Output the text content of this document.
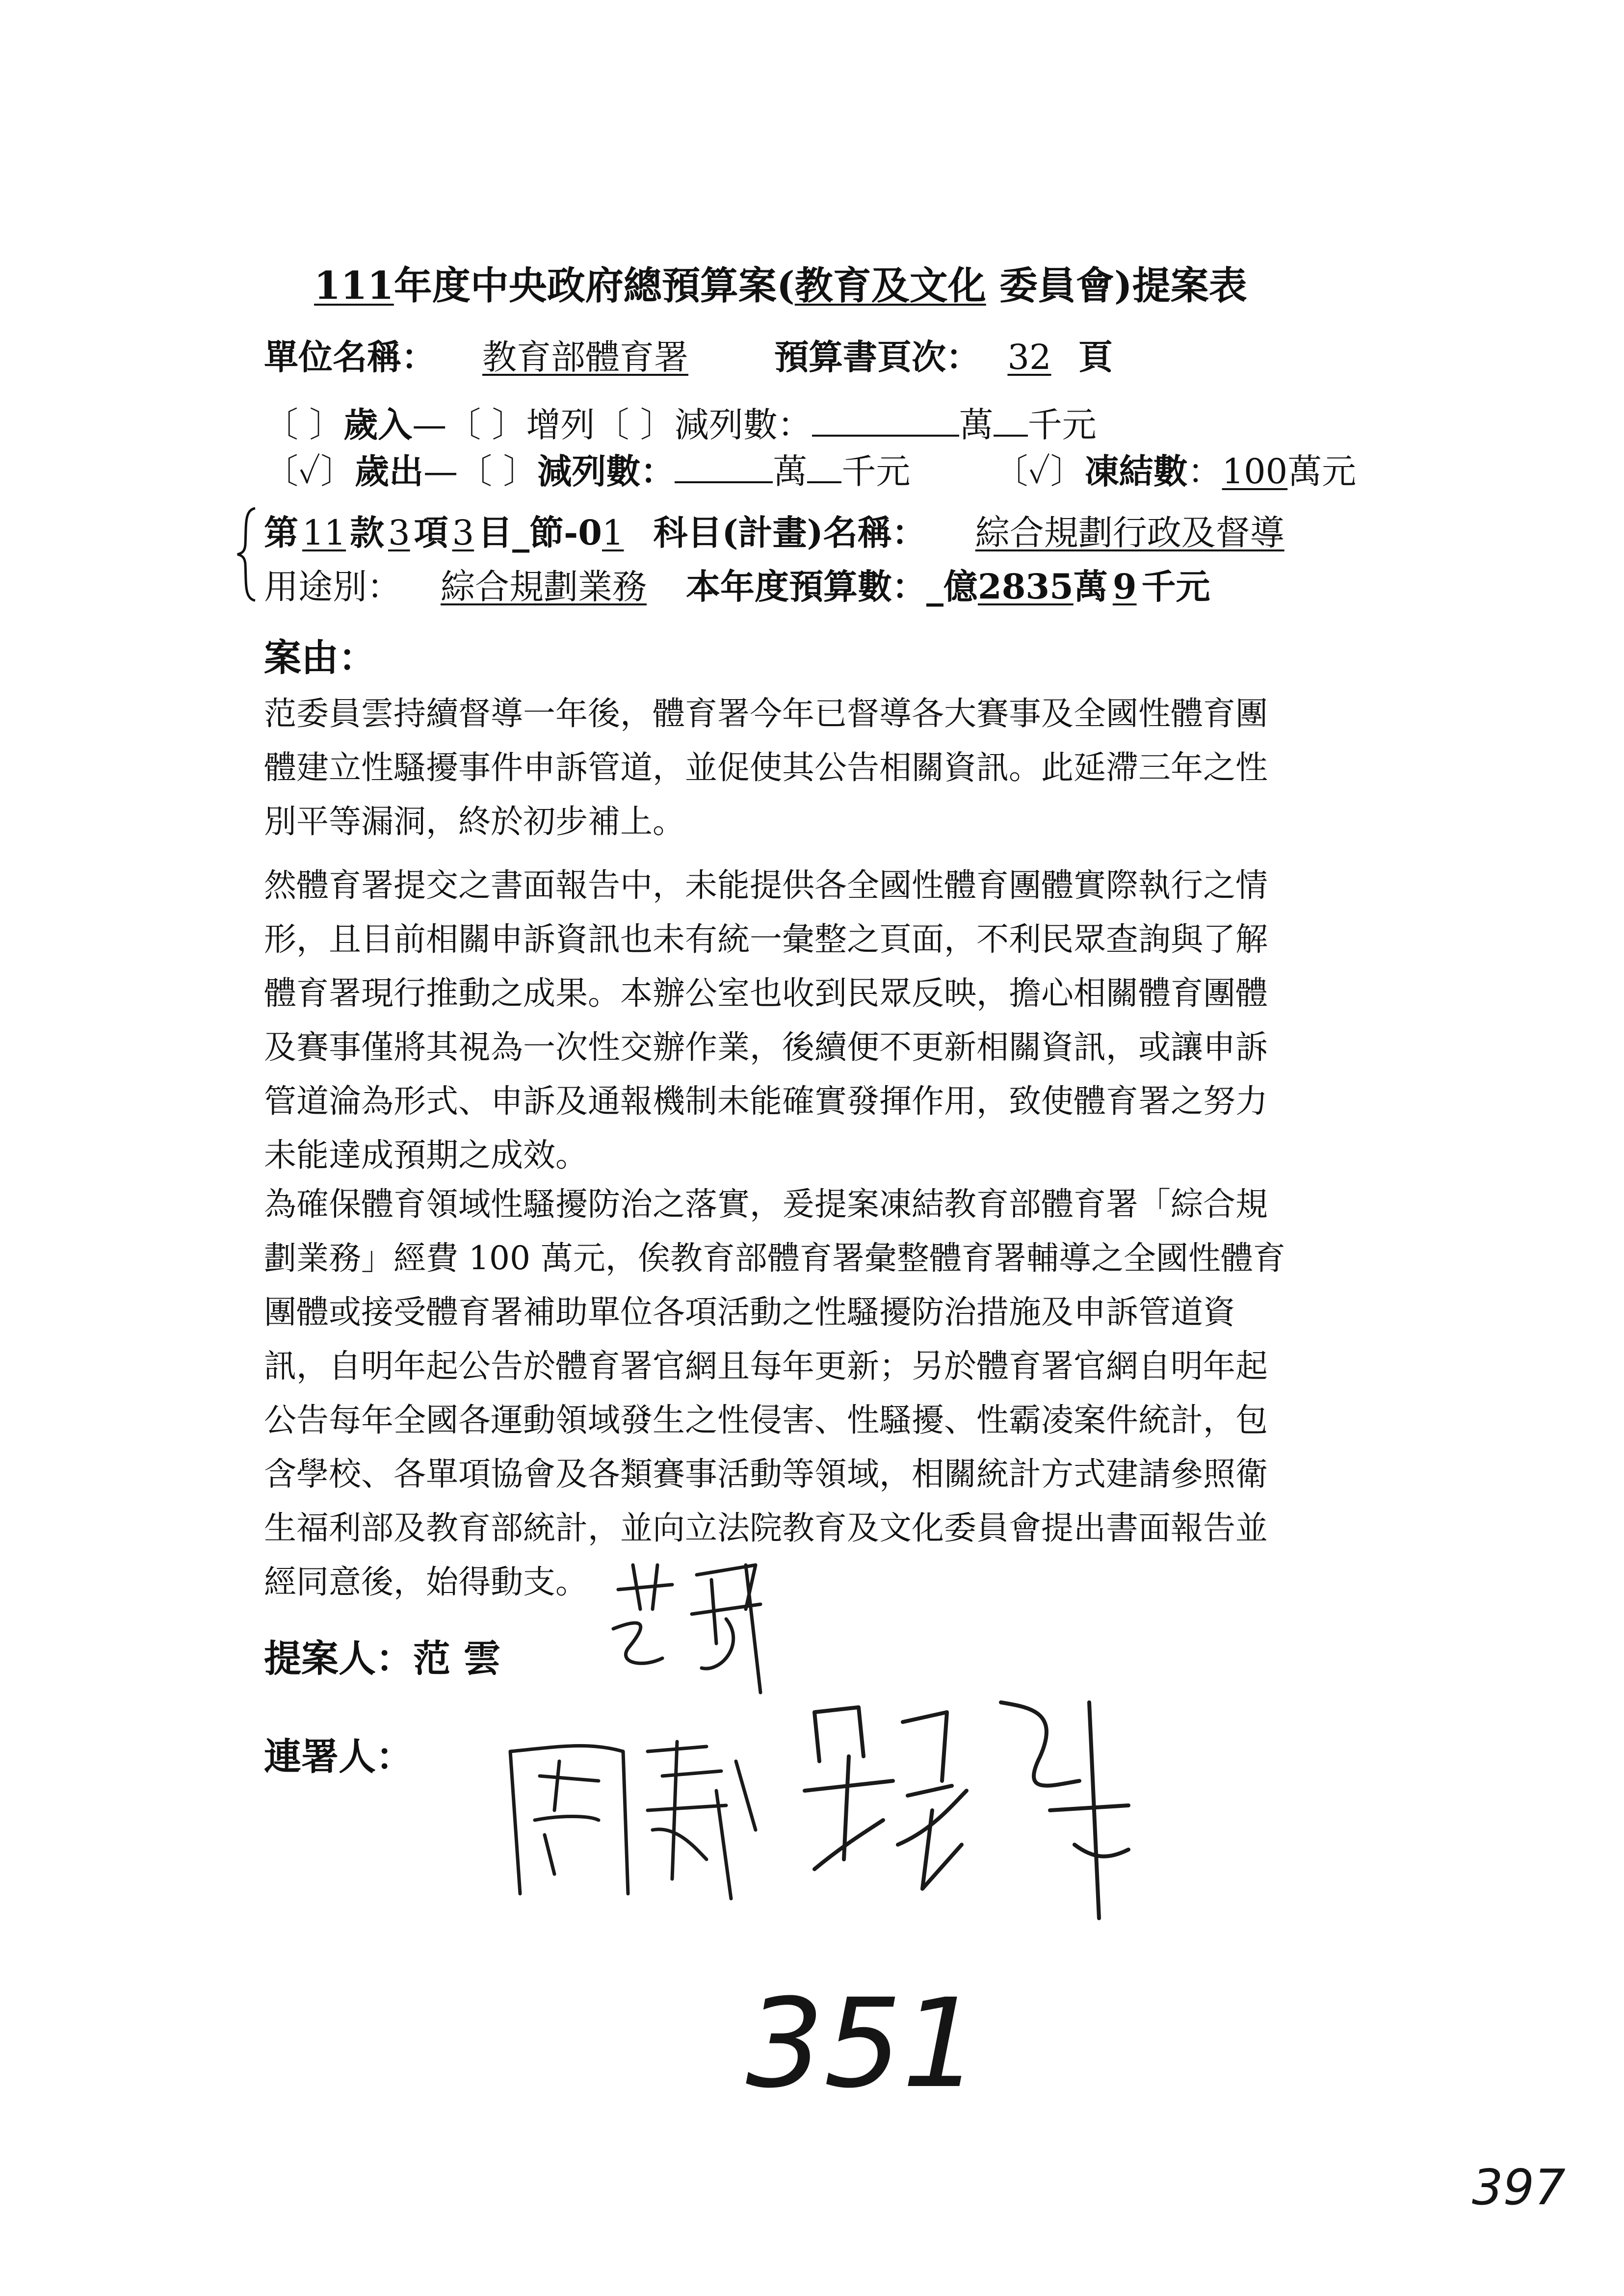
111年度中央政府總預算案(教育及文化 委員會)提案表
單位名稱： 教育部體育署	預算書頁次： 32 頁
〔 〕歲入—〔 〕增列〔 〕減列數：	萬 千元
〔✓〕歲出—〔 〕減列數：	萬 千元 〔✓〕凍結數：100萬元
第 11 款 3 項 3 目_節-01 科目(計畫)名稱： 綜合規劃行政及督導
用途別： 綜合規劃業務 本年度預算數：_億2835萬 9 千元
案由：
范委員雲持續督導一年後，體育署今年已督導各大賽事及全國性體育團
體建立性騷擾事件申訴管道，並促使其公告相關資訊。此延滯三年之性
別平等漏洞，終於初步補上。
然體育署提交之書面報告中，未能提供各全國性體育團體實際執行之情
形，且目前相關申訴資訊也未有統一彙整之頁面，不利民眾查詢與了解
體育署現行推動之成果。本辦公室也收到民眾反映，擔心相關體育團體
及賽事僅將其視為一次性交辦作業，後續便不更新相關資訊，或讓申訴
管道淪為形式、申訴及通報機制未能確實發揮作用，致使體育署之努力
未能達成預期之成效。
為確保體育領域性騷擾防治之落實，爰提案凍結教育部體育署「綜合規
劃業務」經費 100 萬元，俟教育部體育署彙整體育署輔導之全國性體育
團體或接受體育署補助單位各項活動之性騷擾防治措施及申訴管道資
訊，自明年起公告於體育署官網且每年更新；另於體育署官網自明年起
公告每年全國各運動領域發生之性侵害、性騷擾、性霸凌案件統計，包
含學校、各單項協會及各類賽事活動等領域，相關統計方式建請參照衛
生福利部及教育部統計，並向立法院教育及文化委員會提出書面報告並
經同意後，始得動支。
提案人：范 雲
連署人：
351
397
